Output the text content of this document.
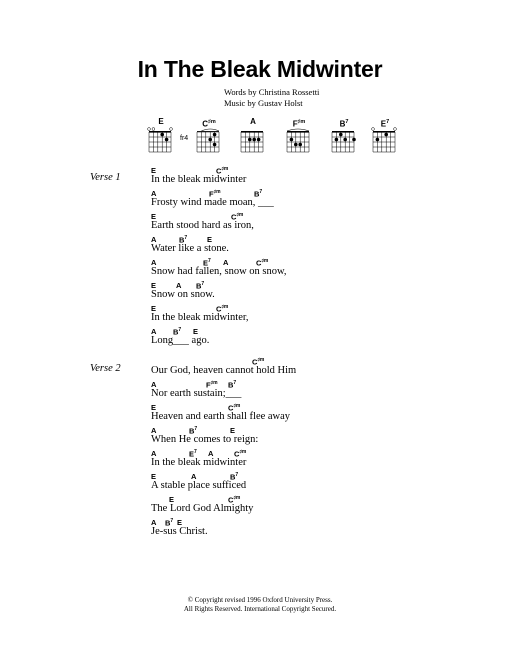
In The Bleak Midwinter
Words by Christina Rossetti
Music by Gustav Holst
E	$C^{♯m}$
fr4
A	$F^{♯m}$	$B^7$	$E^7$
Verse 1
E	$C^{♯m}$
In the bleak midwinter
A	$F^{♯m}$	$B^7$
Frosty wind made moan, ___
E	$C^{♯m}$
Earth stood hard as iron,
A	$B^7$	E
Water like a stone.
A	$E^7$ A	$C^{♯m}$
Snow had fallen, snow on snow,
E	A $B^7$
Snow on snow.
E	$C^{♯m}$
In the bleak midwinter,
A $B^7$ E
Long___ ago.
Verse 2
$C^{♯m}$
Our God, heaven cannot hold Him
A	$F^{♯m}$ $B^7$
Nor earth sustain;___
E	$C^{♯m}$
Heaven and earth shall flee away
A	$B^7$	E
When He comes to reign:
A	$E^7$ A	$C^{♯m}$
In the bleak midwinter
E	A	$B^7$
A stable place sufficed
E	$C^{♯m}$
The Lord God Almighty
A $B^7$ E
Je-sus Christ.
© Copyright revised 1996 Oxford University Press.
All Rights Reserved. International Copyright Secured.
